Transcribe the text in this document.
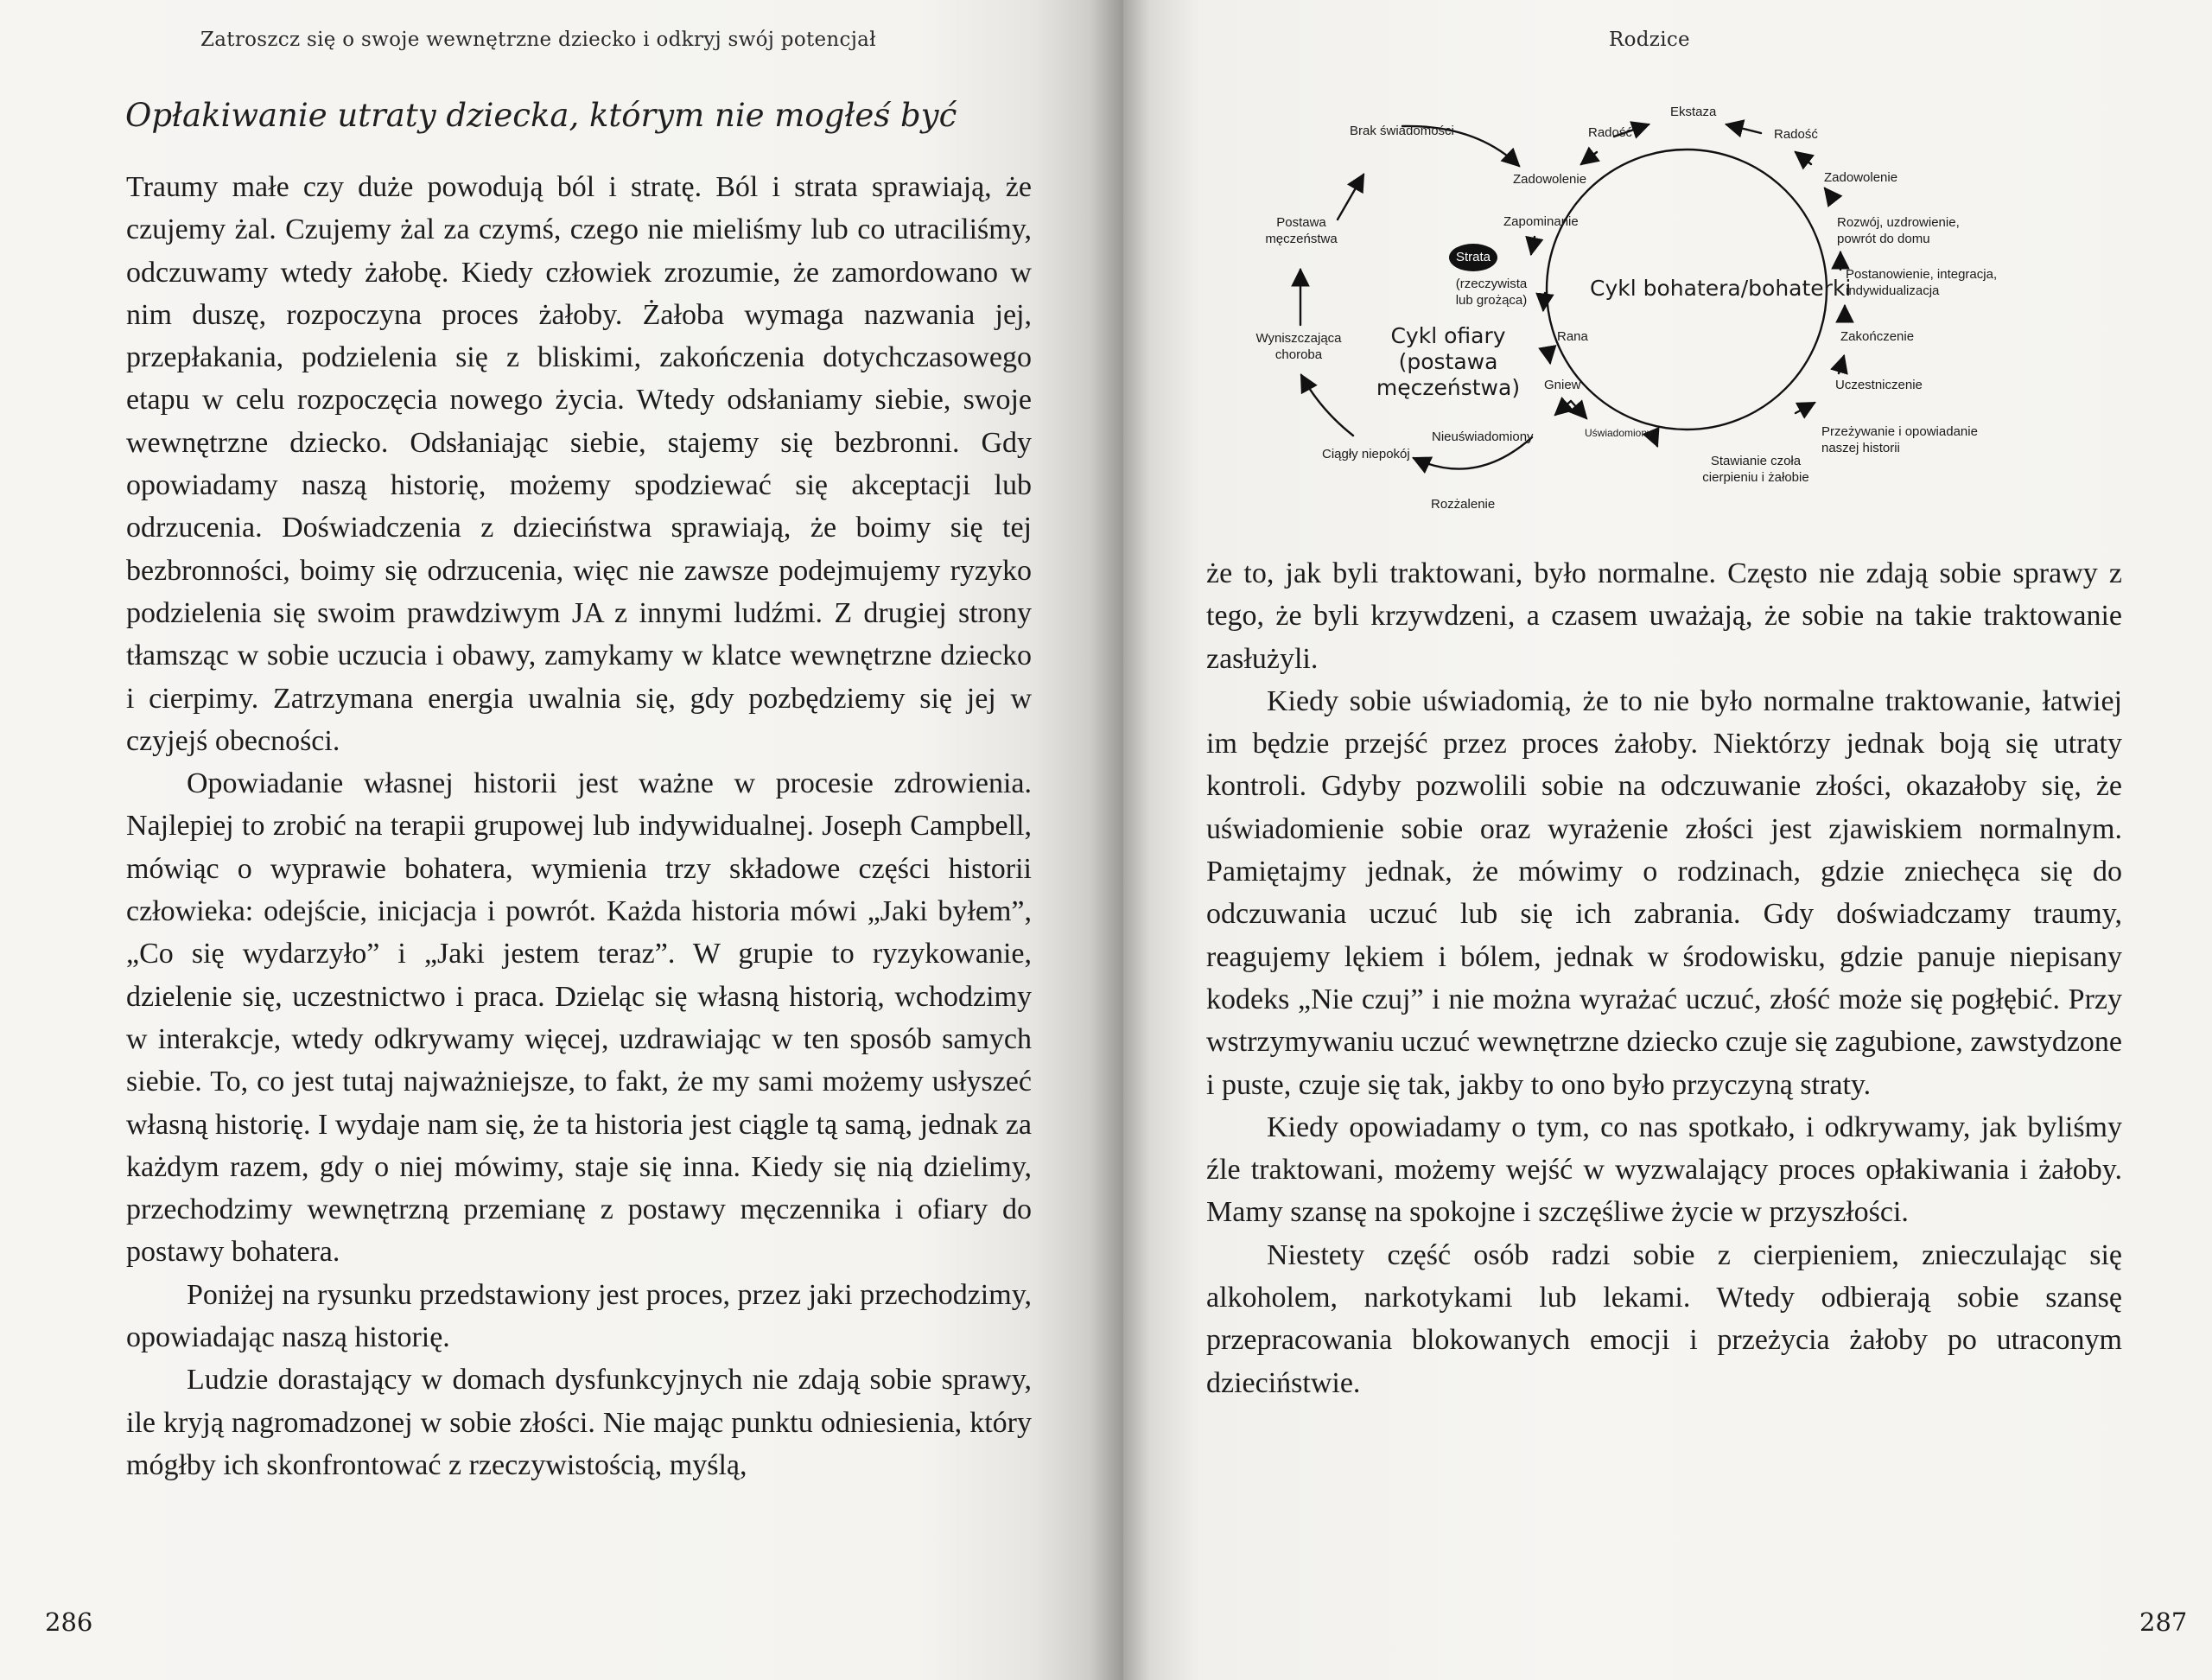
Zatroszcz się o swoje wewnętrzne dziecko i odkryj swój potencjał
Opłakiwanie utraty dziecka, którym nie mogłeś być

Traumy małe czy duże powodują ból i stratę. Ból i strata sprawiają, że czujemy żal. Czujemy żal za czymś, czego nie mieliśmy lub co utraciliśmy, odczuwamy wtedy żałobę. Kiedy człowiek zrozumie, że zamordowano w nim duszę, rozpoczyna proces żałoby. Żałoba wymaga nazwania jej, przepłakania, podzielenia się z bliskimi, zakończenia dotychczasowego etapu w celu rozpoczęcia nowego życia. Wtedy odsłaniamy siebie, swoje wewnętrzne dziecko. Odsłaniając siebie, stajemy się bezbronni. Gdy opowiadamy naszą historię, możemy spodziewać się akceptacji lub odrzucenia. Doświadczenia z dzieciństwa sprawiają, że boimy się tej bezbronności, boimy się odrzucenia, więc nie zawsze podejmujemy ryzyko podzielenia się swoim prawdziwym JA z innymi ludźmi. Z drugiej strony tłamsząc w sobie uczucia i obawy, zamykamy w klatce wewnętrzne dziecko i cierpimy. Zatrzymana energia uwalnia się, gdy pozbędziemy się jej w czyjejś obecności.

Opowiadanie własnej historii jest ważne w procesie zdrowienia. Najlepiej to zrobić na terapii grupowej lub indywidualnej. Joseph Campbell, mówiąc o wyprawie bohatera, wymienia trzy składowe części historii człowieka: odejście, inicjacja i powrót. Każda historia mówi „Jaki byłem”, „Co się wydarzyło” i „Jaki jestem teraz”. W grupie to ryzykowanie, dzielenie się, uczestnictwo i praca. Dzieląc się własną historią, wchodzimy w interakcje, wtedy odkrywamy więcej, uzdrawiając w ten sposób samych siebie. To, co jest tutaj najważniejsze, to fakt, że my sami możemy usłyszeć własną historię. I wydaje nam się, że ta historia jest ciągle tą samą, jednak za każdym razem, gdy o niej mówimy, staje się inna. Kiedy się nią dzielimy, przechodzimy wewnętrzną przemianę z postawy męczennika i ofiary do postawy bohatera.

Poniżej na rysunku przedstawiony jest proces, przez jaki przechodzimy, opowiadając naszą historię.

Ludzie dorastający w domach dysfunkcyjnych nie zdają sobie sprawy, ile kryją nagromadzonej w sobie złości. Nie mając punktu odniesienia, który mógłby ich skonfrontować z rzeczywistością, myślą,

286
Rodzice
Brak świadomości
Postawa męczeństwa
Wyniszczająca choroba
Ciągły niepokój
Rozżalenie
Nieuświadomiony
Cykl ofiary (postawa męczeństwa)
Cykl bohatera/bohaterki
Strata
(rzeczywista lub grożąca)
Radość
Zadowolenie
Zapominanie
Rana
Gniew
Uświadomiony
Ekstaza
Radość
Zadowolenie
Rozwój, uzdrowienie, powrót do domu
Postanowienie, integracja, indywidualizacja
Zakończenie
Uczestniczenie
Przeżywanie i opowiadanie naszej historii
Stawianie czoła cierpieniu i żałobie

że to, jak byli traktowani, było normalne. Często nie zdają sobie sprawy z tego, że byli krzywdzeni, a czasem uważają, że sobie na takie traktowanie zasłużyli.

Kiedy sobie uświadomią, że to nie było normalne traktowanie, łatwiej im będzie przejść przez proces żałoby. Niektórzy jednak boją się utraty kontroli. Gdyby pozwolili sobie na odczuwanie złości, okazałoby się, że uświadomienie sobie oraz wyrażenie złości jest zjawiskiem normalnym. Pamiętajmy jednak, że mówimy o rodzinach, gdzie zniechęca się do odczuwania uczuć lub się ich zabrania. Gdy doświadczamy traumy, reagujemy lękiem i bólem, jednak w środowisku, gdzie panuje niepisany kodeks „Nie czuj” i nie można wyrażać uczuć, złość może się pogłębić. Przy wstrzymywaniu uczuć wewnętrzne dziecko czuje się zagubione, zawstydzone i puste, czuje się tak, jakby to ono było przyczyną straty.

Kiedy opowiadamy o tym, co nas spotkało, i odkrywamy, jak byliśmy źle traktowani, możemy wejść w wyzwalający proces opłakiwania i żałoby. Mamy szansę na spokojne i szczęśliwe życie w przyszłości.

Niestety część osób radzi sobie z cierpieniem, znieczulając się alkoholem, narkotykami lub lekami. Wtedy odbierają sobie szansę przepracowania blokowanych emocji i przeżycia żałoby po utraconym dzieciństwie.

287
